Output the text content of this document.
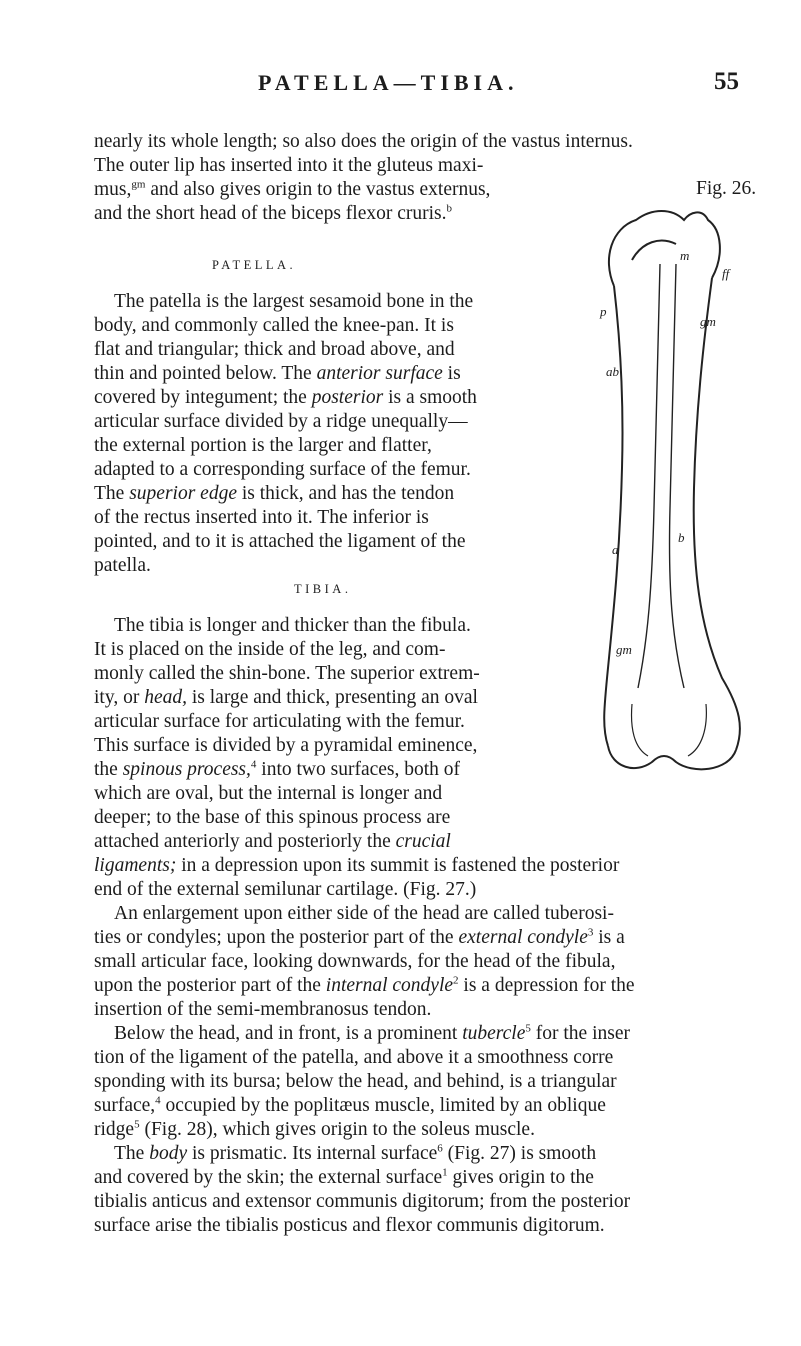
PATELLA—TIBIA.	55
nearly its whole length; so also does the origin of the vastus internus.
The outer lip has inserted into it the gluteus maxi-
mus,$^{gm}$ and also gives origin to the vastus externus,
and the short head of the biceps flexor cruris.$^b$
Fig. 26.
PATELLA.
The patella is the largest sesamoid bone in the
body, and commonly called the knee-pan. It is
flat and triangular; thick and broad above, and
thin and pointed below. The anterior surface is
covered by integument; the posterior is a smooth
articular surface divided by a ridge unequally—
the external portion is the larger and flatter,
adapted to a corresponding surface of the femur.
The superior edge is thick, and has the tendon
of the rectus inserted into it. The inferior is
pointed, and to it is attached the ligament of the
patella.
TIBIA.
The tibia is longer and thicker than the fibula.
It is placed on the inside of the leg, and com-
monly called the shin-bone. The superior extrem-
ity, or head, is large and thick, presenting an oval
articular surface for articulating with the femur.
This surface is divided by a pyramidal eminence,
the spinous process,$^4$ into two surfaces, both of
which are oval, but the internal is longer and
deeper; to the base of this spinous process are
attached anteriorly and posteriorly the crucial
ligaments; in a depression upon its summit is fastened the posterior
end of the external semilunar cartilage. (Fig. 27.)
An enlargement upon either side of the head are called tuberosi-
ties or condyles; upon the posterior part of the external condyle$^3$ is a
small articular face, looking downwards, for the head of the fibula,
upon the posterior part of the internal condyle$^2$ is a depression for the
insertion of the semi-membranosus tendon.
Below the head, and in front, is a prominent tubercle$^5$ for the inser
tion of the ligament of the patella, and above it a smoothness corre
sponding with its bursa; below the head, and behind, is a triangular
surface,$^4$ occupied by the poplitæus muscle, limited by an oblique
ridge$^5$ (Fig. 28), which gives origin to the soleus muscle.
The body is prismatic. Its internal surface$^6$ (Fig. 27) is smooth
and covered by the skin; the external surface$^1$ gives origin to the
tibialis anticus and extensor communis digitorum; from the posterior
surface arise the tibialis posticus and flexor communis digitorum.
ff
m
p
gm
ab
a
b
gm
